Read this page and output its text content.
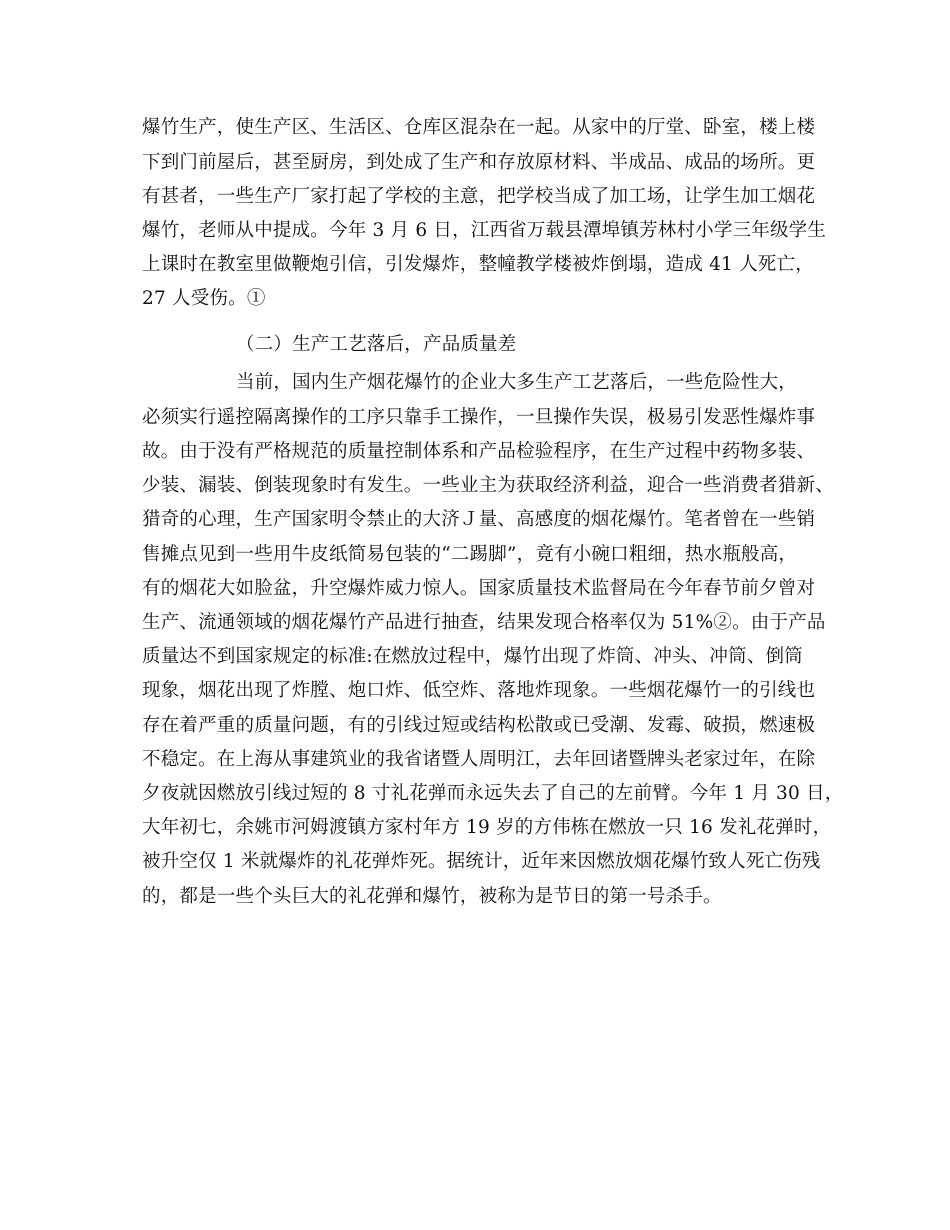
爆竹生产，使生产区、生活区、仓库区混杂在一起。从家中的厅堂、卧室，楼上楼
下到门前屋后，甚至厨房，到处成了生产和存放原材料、半成品、成品的场所。更
有甚者，一些生产厂家打起了学校的主意，把学校当成了加工场，让学生加工烟花
爆竹，老师从中提成。今年 3 月 6 日，江西省万载县潭埠镇芳林村小学三年级学生
上课时在教室里做鞭炮引信，引发爆炸，整幢教学楼被炸倒塌，造成 41 人死亡，
27 人受伤。①
（二）生产工艺落后，产品质量差
当前，国内生产烟花爆竹的企业大多生产工艺落后，一些危险性大，
必须实行遥控隔离操作的工序只靠手工操作，一旦操作失误，极易引发恶性爆炸事
故。由于没有严格规范的质量控制体系和产品检验程序，在生产过程中药物多装、
少装、漏装、倒装现象时有发生。一些业主为获取经济利益，迎合一些消费者猎新、
猎奇的心理，生产国家明令禁止的大济Ｊ量、高感度的烟花爆竹。笔者曾在一些销
售摊点见到一些用牛皮纸简易包装的“二踢脚”，竟有小碗口粗细，热水瓶般高，
有的烟花大如脸盆，升空爆炸威力惊人。国家质量技术监督局在今年春节前夕曾对
生产、流通领域的烟花爆竹产品进行抽查，结果发现合格率仅为 51%②。由于产品
质量达不到国家规定的标准:在燃放过程中，爆竹出现了炸筒、冲头、冲筒、倒筒
现象，烟花出现了炸膛、炮口炸、低空炸、落地炸现象。一些烟花爆竹一的引线也
存在着严重的质量问题，有的引线过短或结构松散或已受潮、发霉、破损，燃速极
不稳定。在上海从事建筑业的我省诸暨人周明江，去年回诸暨牌头老家过年，在除
夕夜就因燃放引线过短的 8 寸礼花弹而永远失去了自己的左前臂。今年 1 月 30 日，
大年初七，余姚市河姆渡镇方家村年方 19 岁的方伟栋在燃放一只 16 发礼花弹时，
被升空仅 1 米就爆炸的礼花弹炸死。据统计，近年来因燃放烟花爆竹致人死亡伤残
的，都是一些个头巨大的礼花弹和爆竹，被称为是节日的第一号杀手。
